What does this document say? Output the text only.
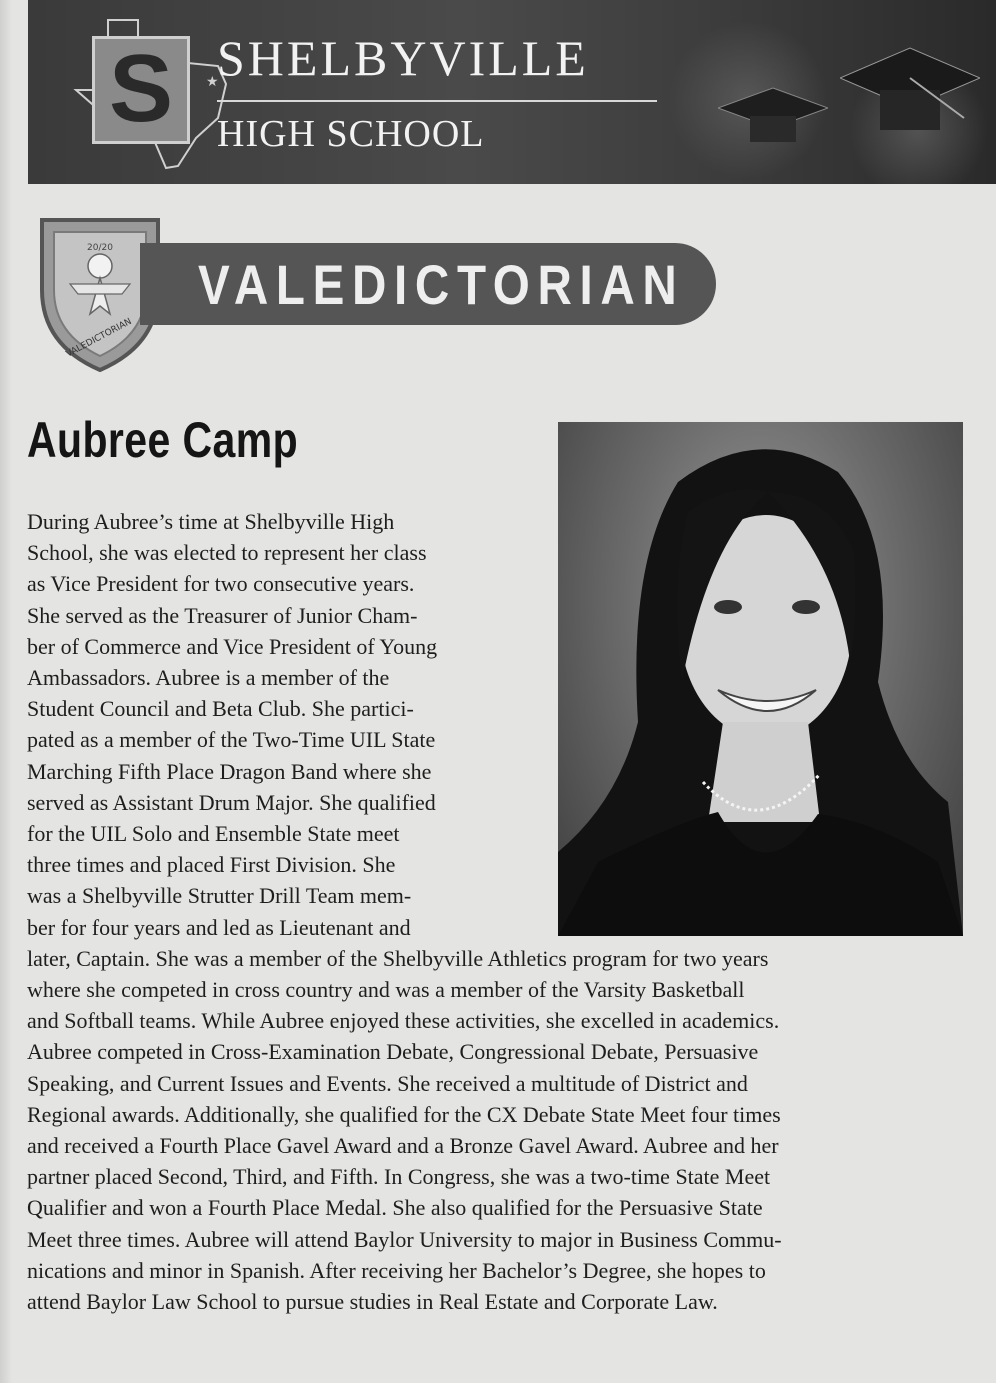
★
S SHELBYVILLE
HIGH SCHOOL
20/20
VALEDICTORIAN
VALEDICTORIAN
Aubree Camp
During Aubree’s time at Shelbyville High
School, she was elected to represent her class
as Vice President for two consecutive years.
She served as the Treasurer of Junior Cham-
ber of Commerce and Vice President of Young
Ambassadors. Aubree is a member of the
Student Council and Beta Club. She partici-
pated as a member of the Two-Time UIL State
Marching Fifth Place Dragon Band where she
served as Assistant Drum Major. She qualified
for the UIL Solo and Ensemble State meet
three times and placed First Division. She
was a Shelbyville Strutter Drill Team mem-
ber for four years and led as Lieutenant and
later, Captain. She was a member of the Shelbyville Athletics program for two years
where she competed in cross country and was a member of the Varsity Basketball
and Softball teams. While Aubree enjoyed these activities, she excelled in academics.
Aubree competed in Cross-Examination Debate, Congressional Debate, Persuasive
Speaking, and Current Issues and Events. She received a multitude of District and
Regional awards. Additionally, she qualified for the CX Debate State Meet four times
and received a Fourth Place Gavel Award and a Bronze Gavel Award. Aubree and her
partner placed Second, Third, and Fifth. In Congress, she was a two-time State Meet
Qualifier and won a Fourth Place Medal. She also qualified for the Persuasive State
Meet three times. Aubree will attend Baylor University to major in Business Commu-
nications and minor in Spanish. After receiving her Bachelor’s Degree, she hopes to
attend Baylor Law School to pursue studies in Real Estate and Corporate Law.
